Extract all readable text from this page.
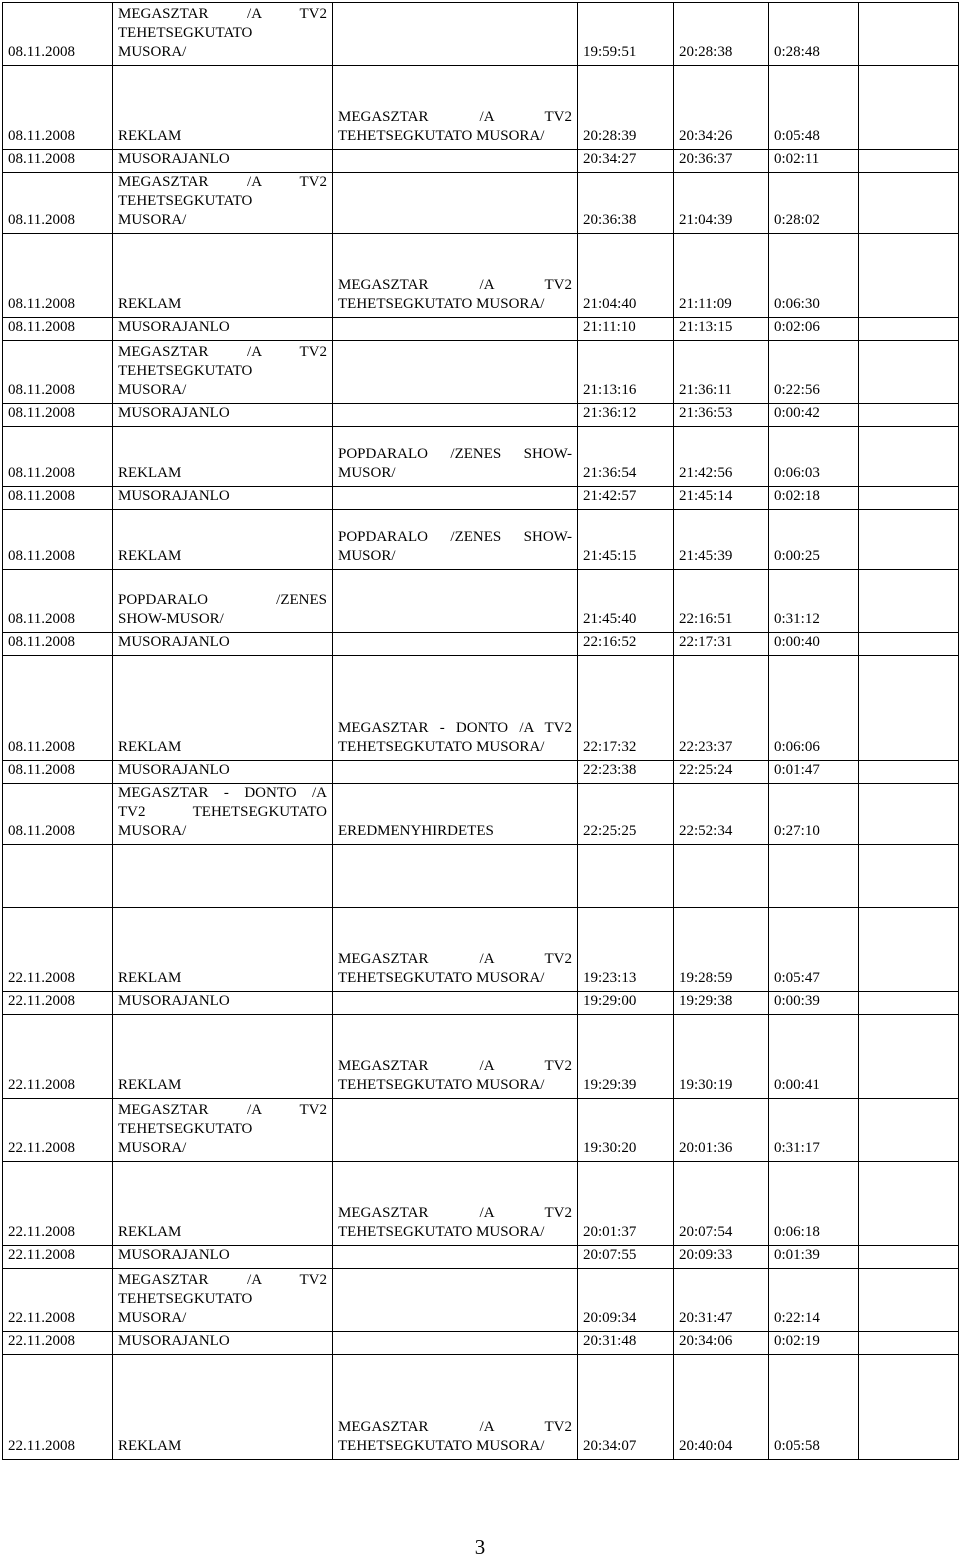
08.11.2008	MEGASZTAR /A TV2
TEHETSEGKUTATO
MUSORA/		19:59:51	20:28:38	0:28:48	
08.11.2008	REKLAM	MEGASZTAR /A TV2 TEHETSEGKUTATO MUSORA/	20:28:39	20:34:26	0:05:48	
08.11.2008	MUSORAJANLO		20:34:27	20:36:37	0:02:11	
08.11.2008	MEGASZTAR /A TV2
TEHETSEGKUTATO
MUSORA/		20:36:38	21:04:39	0:28:02	
08.11.2008	REKLAM	MEGASZTAR /A TV2 TEHETSEGKUTATO MUSORA/	21:04:40	21:11:09	0:06:30	
08.11.2008	MUSORAJANLO		21:11:10	21:13:15	0:02:06	
08.11.2008	MEGASZTAR /A TV2
TEHETSEGKUTATO
MUSORA/		21:13:16	21:36:11	0:22:56	
08.11.2008	MUSORAJANLO		21:36:12	21:36:53	0:00:42	
08.11.2008	REKLAM	POPDARALO /ZENES SHOW-MUSOR/	21:36:54	21:42:56	0:06:03	
08.11.2008	MUSORAJANLO		21:42:57	21:45:14	0:02:18	
08.11.2008	REKLAM	POPDARALO /ZENES SHOW-MUSOR/	21:45:15	21:45:39	0:00:25	
08.11.2008	POPDARALO /ZENES
SHOW-MUSOR/		21:45:40	22:16:51	0:31:12	
08.11.2008	MUSORAJANLO		22:16:52	22:17:31	0:00:40	
08.11.2008	REKLAM	MEGASZTAR - DONTO /A TV2 TEHETSEGKUTATO MUSORA/	22:17:32	22:23:37	0:06:06	
08.11.2008	MUSORAJANLO		22:23:38	22:25:24	0:01:47	
08.11.2008	MEGASZTAR - DONTO /A
TV2 TEHETSEGKUTATO
MUSORA/	EREDMENYHIRDETES	22:25:25	22:52:34	0:27:10	

22.11.2008	REKLAM	MEGASZTAR /A TV2 TEHETSEGKUTATO MUSORA/	19:23:13	19:28:59	0:05:47	
22.11.2008	MUSORAJANLO		19:29:00	19:29:38	0:00:39	
22.11.2008	REKLAM	MEGASZTAR /A TV2 TEHETSEGKUTATO MUSORA/	19:29:39	19:30:19	0:00:41	
22.11.2008	MEGASZTAR /A TV2
TEHETSEGKUTATO
MUSORA/		19:30:20	20:01:36	0:31:17	
22.11.2008	REKLAM	MEGASZTAR /A TV2 TEHETSEGKUTATO MUSORA/	20:01:37	20:07:54	0:06:18	
22.11.2008	MUSORAJANLO		20:07:55	20:09:33	0:01:39	
22.11.2008	MEGASZTAR /A TV2
TEHETSEGKUTATO
MUSORA/		20:09:34	20:31:47	0:22:14	
22.11.2008	MUSORAJANLO		20:31:48	20:34:06	0:02:19	
22.11.2008	REKLAM	MEGASZTAR /A TV2 TEHETSEGKUTATO MUSORA/	20:34:07	20:40:04	0:05:58	
3
